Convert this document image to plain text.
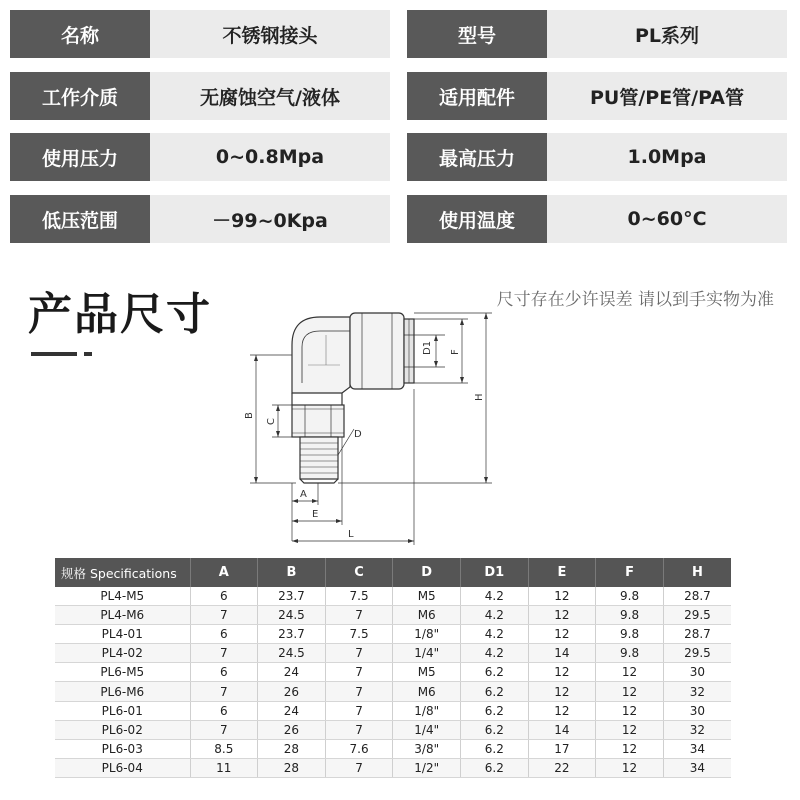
名称	不锈钢接头	型号	PL系列
工作介质	无腐蚀空气/液体	适用配件	PU管/PE管/PA管
使用压力	0~0.8Mpa	最高压力	1.0Mpa
低压范围	－99~0Kpa	使用温度	0~60°C
产品尺寸	尺寸存在少许误差 请以到手实物为准
D1 F
H
B
C
D
A
E
L
规格 Specifications	A	B	C	D	D1	E	F	H
PL4-M5	6	23.7	7.5	M5	4.2	12	9.8	28.7
PL4-M6	7	24.5	7	M6	4.2	12	9.8	29.5
PL4-01	6	23.7	7.5	1/8"	4.2	12	9.8	28.7
PL4-02	7	24.5	7	1/4"	4.2	14	9.8	29.5
PL6-M5	6	24	7	M5	6.2	12	12	30
PL6-M6	7	26	7	M6	6.2	12	12	32
PL6-01	6	24	7	1/8"	6.2	12	12	30
PL6-02	7	26	7	1/4"	6.2	14	12	32
PL6-03	8.5	28	7.6	3/8"	6.2	17	12	34
PL6-04	11	28	7	1/2"	6.2	22	12	34
